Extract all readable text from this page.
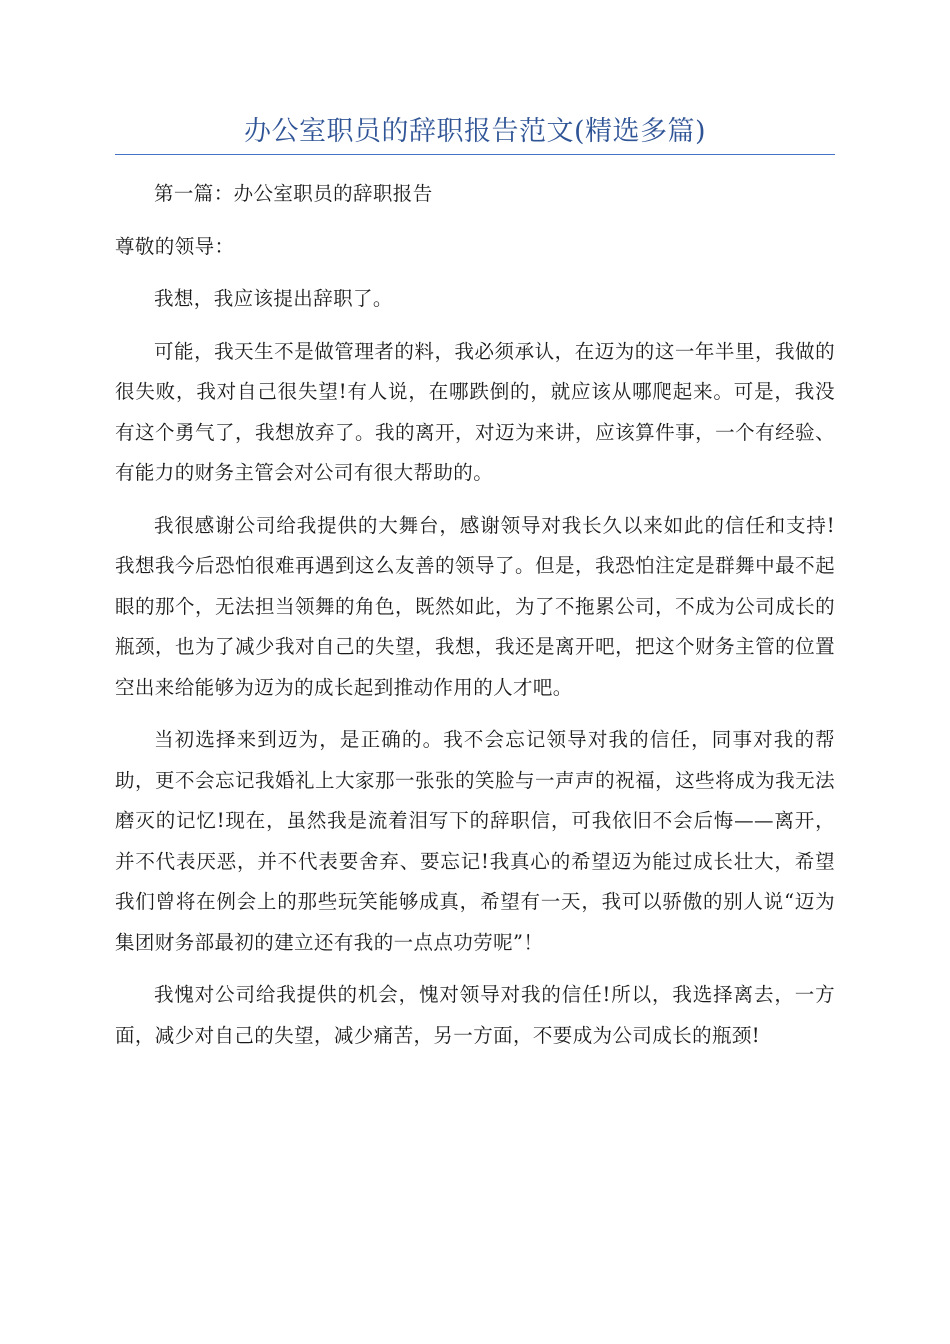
办公室职员的辞职报告范文(精选多篇)

第一篇：办公室职员的辞职报告

尊敬的领导：

我想，我应该提出辞职了。

可能，我天生不是做管理者的料，我必须承认，在迈为的这一年半里，我做的很失败，我对自己很失望!有人说，在哪跌倒的，就应该从哪爬起来。可是，我没有这个勇气了，我想放弃了。我的离开，对迈为来讲，应该算件事，一个有经验、有能力的财务主管会对公司有很大帮助的。

我很感谢公司给我提供的大舞台，感谢领导对我长久以来如此的信任和支持!我想我今后恐怕很难再遇到这么友善的领导了。但是，我恐怕注定是群舞中最不起眼的那个，无法担当领舞的角色，既然如此，为了不拖累公司，不成为公司成长的瓶颈，也为了减少我对自己的失望，我想，我还是离开吧，把这个财务主管的位置空出来给能够为迈为的成长起到推动作用的人才吧。

当初选择来到迈为，是正确的。我不会忘记领导对我的信任，同事对我的帮助，更不会忘记我婚礼上大家那一张张的笑脸与一声声的祝福，这些将成为我无法磨灭的记忆!现在，虽然我是流着泪写下的辞职信，可我依旧不会后悔——离开，并不代表厌恶，并不代表要舍弃、要忘记!我真心的希望迈为能过成长壮大，希望我们曾将在例会上的那些玩笑能够成真，希望有一天，我可以骄傲的别人说“迈为集团财务部最初的建立还有我的一点点功劳呢”！

我愧对公司给我提供的机会，愧对领导对我的信任!所以，我选择离去，一方面，减少对自己的失望，减少痛苦，另一方面，不要成为公司成长的瓶颈!
